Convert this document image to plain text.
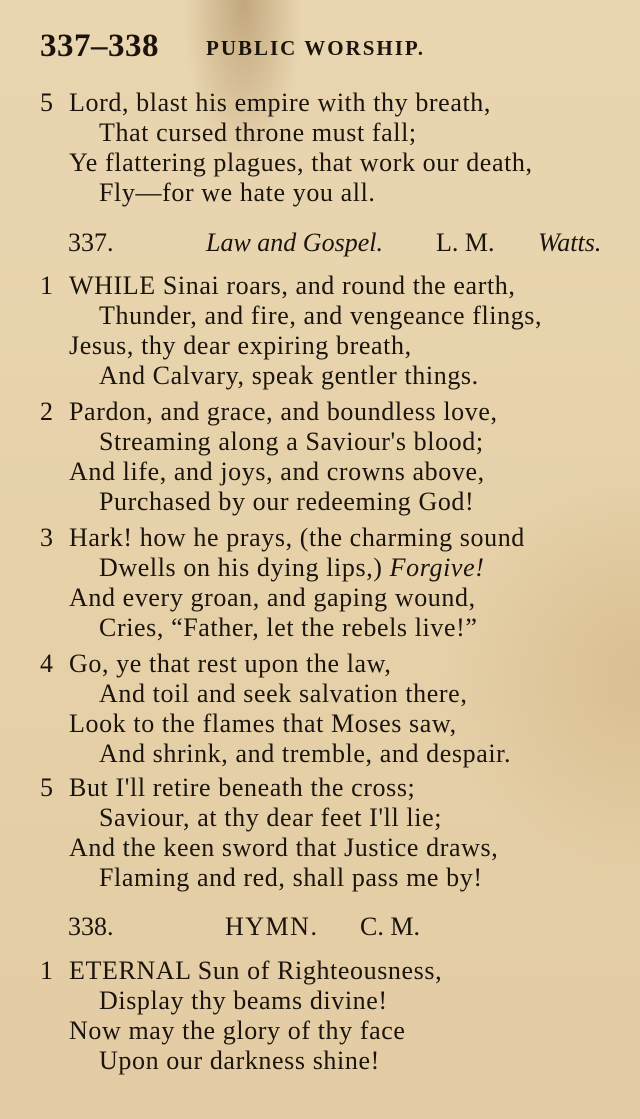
337–338 PUBLIC WORSHIP.
5 Lord, blast his empire with thy breath,
That cursed throne must fall;
Ye flattering plagues, that work our death,
Fly—for we hate you all.
337.	Law and Gospel. L. M. Watts.
1 WHILE Sinai roars, and round the earth,
Thunder, and fire, and vengeance flings,
Jesus, thy dear expiring breath,
And Calvary, speak gentler things.
2 Pardon, and grace, and boundless love,
Streaming along a Saviour's blood;
And life, and joys, and crowns above,
Purchased by our redeeming God!
3 Hark! how he prays, (the charming sound
Dwells on his dying lips,) Forgive!
And every groan, and gaping wound,
Cries, “Father, let the rebels live!”
4 Go, ye that rest upon the law,
And toil and seek salvation there,
Look to the flames that Moses saw,
And shrink, and tremble, and despair.
5 But I'll retire beneath the cross;
Saviour, at thy dear feet I'll lie;
And the keen sword that Justice draws,
Flaming and red, shall pass me by!
338.	HYMN. C. M.
1 ETERNAL Sun of Righteousness,
Display thy beams divine!
Now may the glory of thy face
Upon our darkness shine!
